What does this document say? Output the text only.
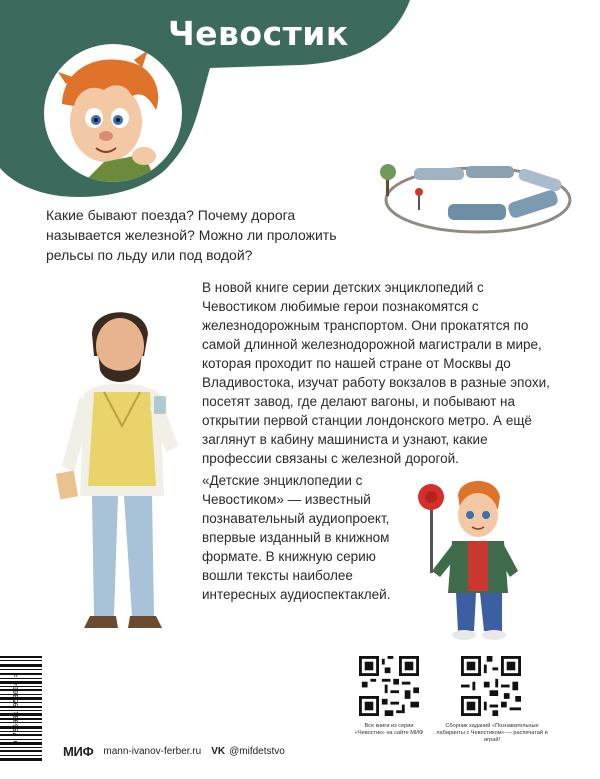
Чевостик

Какие бывают поезда? Почему дорога называется железной? Можно ли проложить рельсы по льду или под водой?

В новой книге серии детских энциклопедий с Чевостиком любимые герои познакомятся с железнодорожным транспортом. Они прокатятся по самой длинной железнодорожной магистрали в мире, которая проходит по нашей стране от Москвы до Владивостока, изучат работу вокзалов в разные эпохи, посетят завод, где делают вагоны, и побывают на открытии первой станции лондонского метро. А ещё заглянут в кабину машиниста и узнают, какие профессии связаны с железной дорогой.

«Детские энциклопедии с Чевостиком» — известный познавательный аудиопроект, впервые изданный в книжном формате. В книжную серию вошли тексты наиболее интересных аудиоспектаклей.

9 785001 958604 >	Все книги из серии «Чевостик» на сайте МИФ
Сборник заданий «Познавательные лабиринты с Чевостиком» — распечатай и играй!
МИФ mann-ivanov-ferber.ru VK @mifdetstvo
